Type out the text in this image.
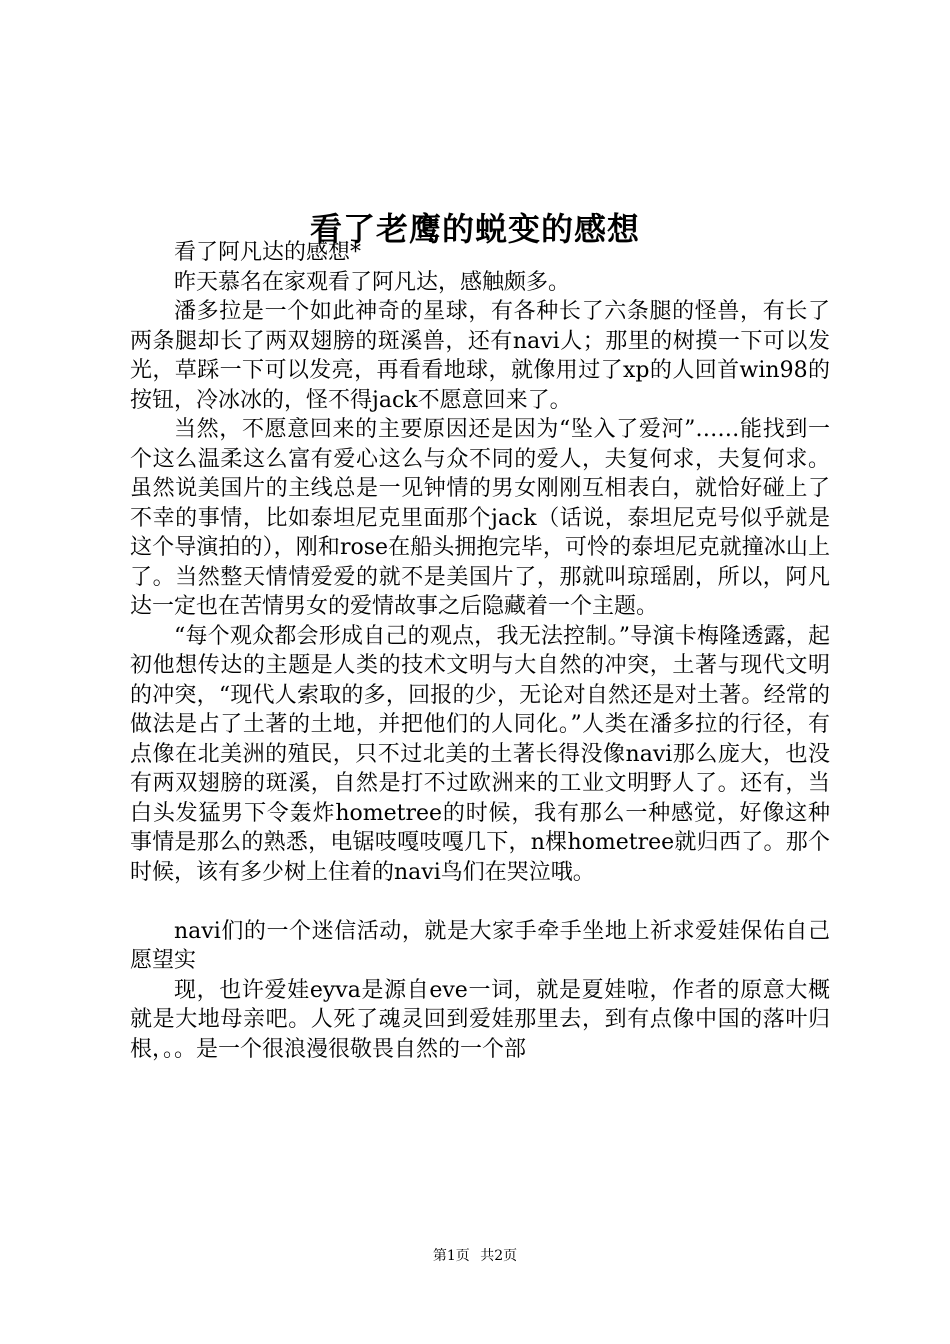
看了老鹰的蜕变的感想

看了阿凡达的感想*

昨天慕名在家观看了阿凡达，感触颇多。

潘多拉是一个如此神奇的星球，有各种长了六条腿的怪兽，有长了两条腿却长了两双翅膀的斑溪兽，还有navi人；那里的树摸一下可以发光，草踩一下可以发亮，再看看地球，就像用过了xp的人回首win98的按钮，冷冰冰的，怪不得jack不愿意回来了。

当然，不愿意回来的主要原因还是因为“坠入了爱河”……能找到一个这么温柔这么富有爱心这么与众不同的爱人，夫复何求，夫复何求。虽然说美国片的主线总是一见钟情的男女刚刚互相表白，就恰好碰上了不幸的事情，比如泰坦尼克里面那个jack（话说，泰坦尼克号似乎就是这个导演拍的），刚和rose在船头拥抱完毕，可怜的泰坦尼克就撞冰山上了。当然整天情情爱爱的就不是美国片了，那就叫琼瑶剧，所以，阿凡达一定也在苦情男女的爱情故事之后隐藏着一个主题。

“每个观众都会形成自己的观点，我无法控制。”导演卡梅隆透露，起初他想传达的主题是人类的技术文明与大自然的冲突，土著与现代文明的冲突，“现代人索取的多，回报的少，无论对自然还是对土著。经常的做法是占了土著的土地，并把他们的人同化。”人类在潘多拉的行径，有点像在北美洲的殖民，只不过北美的土著长得没像navi那么庞大，也没有两双翅膀的斑溪，自然是打不过欧洲来的工业文明野人了。还有，当白头发猛男下令轰炸hometree的时候，我有那么一种感觉，好像这种事情是那么的熟悉，电锯吱嘎吱嘎几下，n棵hometree就归西了。那个时候，该有多少树上住着的navi鸟们在哭泣哦。

navi们的一个迷信活动，就是大家手牵手坐地上祈求爱娃保佑自己愿望实

现，也许爱娃eyva是源自eve一词，就是夏娃啦，作者的原意大概就是大地母亲吧。人死了魂灵回到爱娃那里去，到有点像中国的落叶归根，。。是一个很浪漫很敬畏自然的一个部

第1页 共2页
